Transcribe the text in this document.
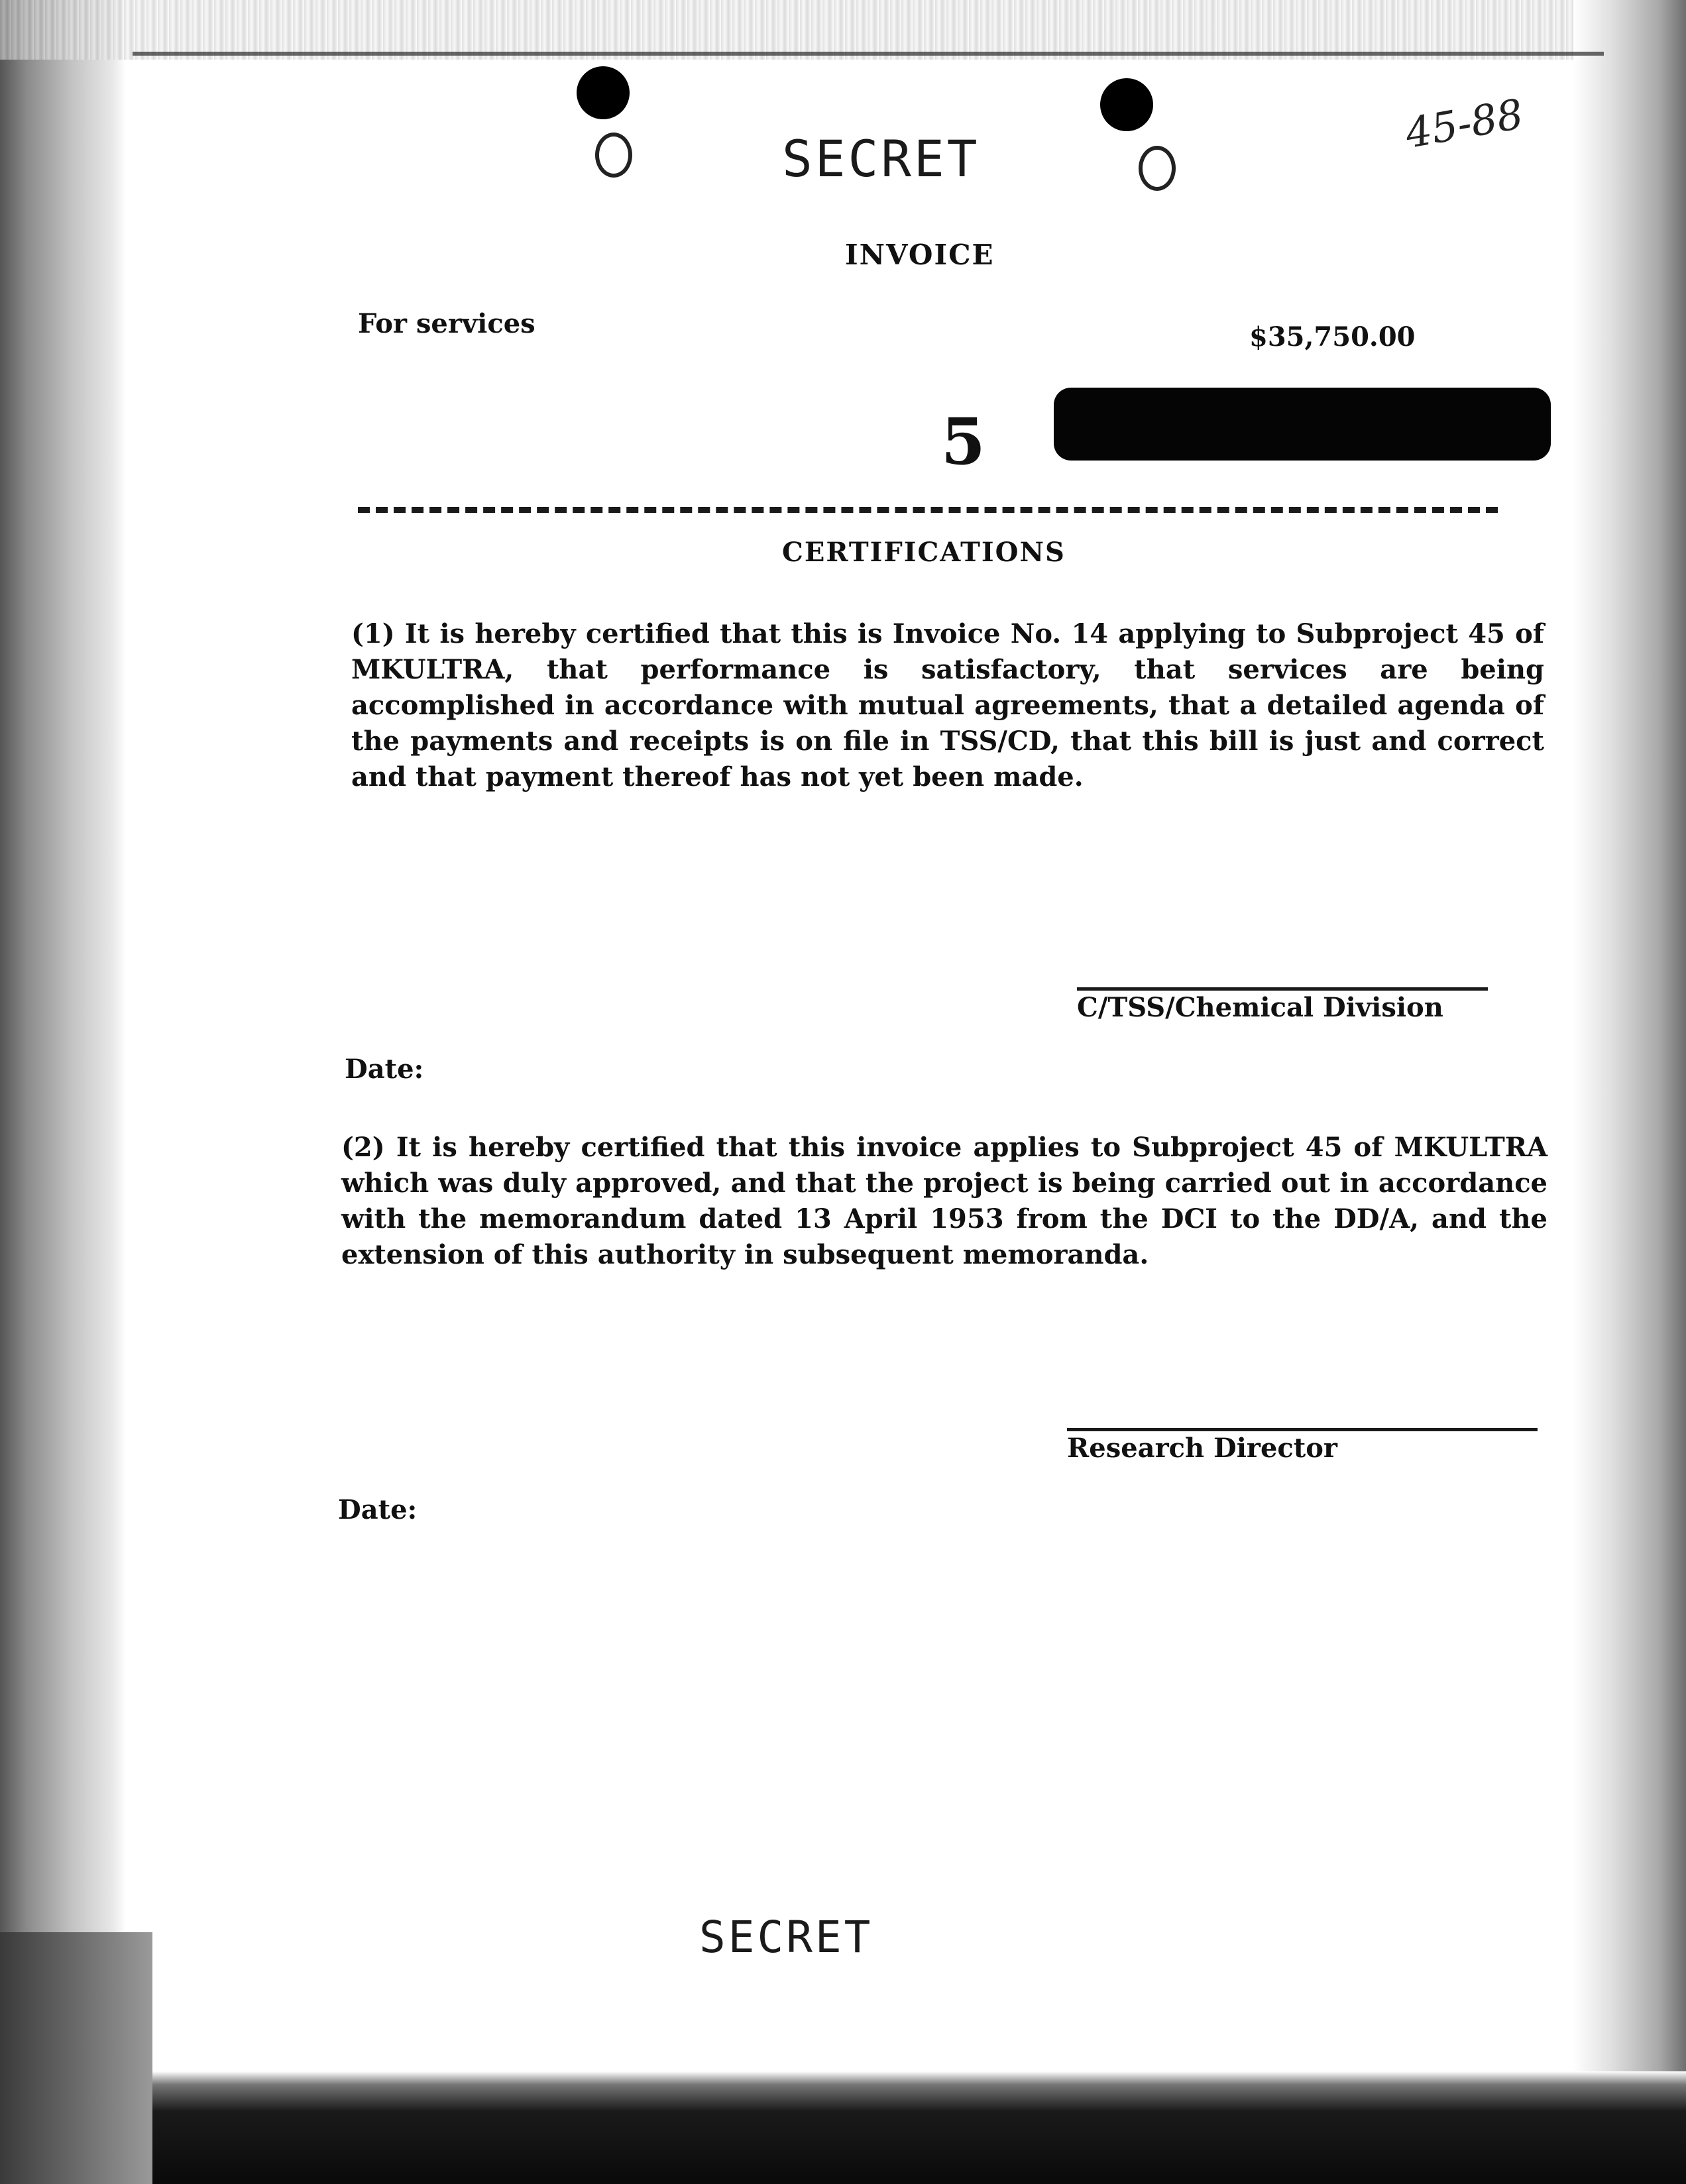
45-88
SECRET
INVOICE
For services	$35,750.00
5
CERTIFICATIONS
(1) It is hereby certified that this is Invoice No. 14 applying to Subproject 45 of MKULTRA, that performance is satisfactory, that services are being accomplished in accordance with mutual agreements, that a detailed agenda of the payments and receipts is on file in TSS/CD, that this bill is just and correct and that payment thereof has not yet been made.
C/TSS/Chemical Division
Date:
(2) It is hereby certified that this invoice applies to Subproject 45 of MKULTRA which was duly approved, and that the project is being carried out in accordance with the memorandum dated 13 April 1953 from the DCI to the DD/A, and the extension of this authority in subsequent memoranda.
Research Director
Date:
SECRET
